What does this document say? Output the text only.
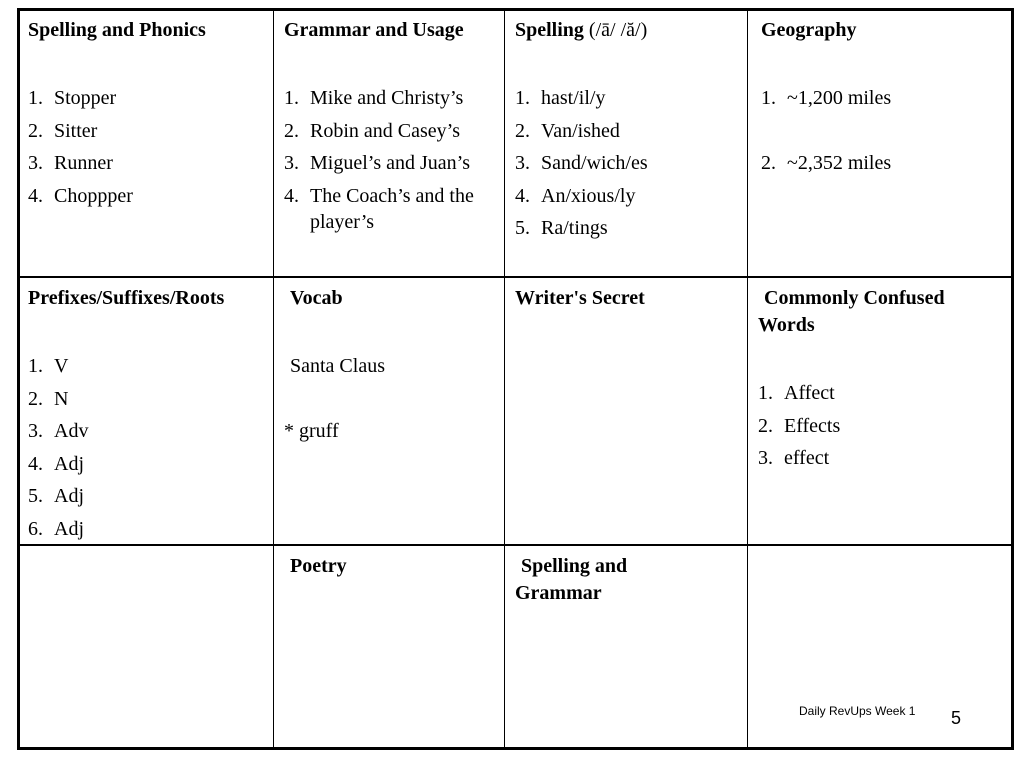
Spelling and Phonics

1. Stopper
2. Sitter
3. Runner
4. Choppper

Grammar and Usage

1. Mike and Christy’s
2. Robin and Casey’s
3. Miguel’s and Juan’s
4. The Coach’s and the player’s

Spelling (/ā/ /ă/)

1. hast/il/y
2. Van/ished
3. Sand/wich/es
4. An/xious/ly
5. Ra/tings

Geography

1. ~1,200 miles
2. ~2,352 miles

Prefixes/Suffixes/Roots

1. V
2. N
3. Adv
4. Adj
5. Adj
6. Adj

Vocab

Santa Claus

* gruff

Writer's Secret	Commonly Confused Words

1. Affect
2. Effects
3. effect

Poetry	Spelling and Grammar

Daily RevUps Week 1 5
